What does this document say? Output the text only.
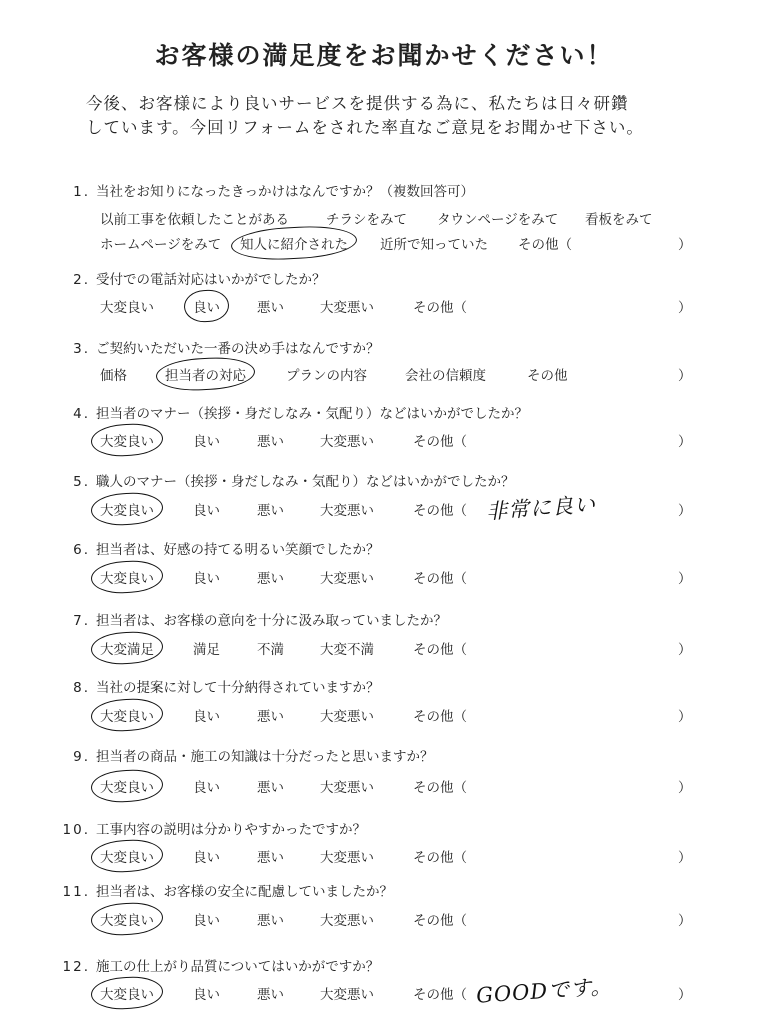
お客様の満足度をお聞かせください！
今後、お客様により良いサービスを提供する為に、私たちは日々研鑽
しています。今回リフォームをされた率直なご意見をお聞かせ下さい。
1. 当社をお知りになったきっかけはなんですか？（複数回答可）
以前工事を依頼したことがある	チラシをみて タウンページをみて 看板をみて
ホームページをみて 知人に紹介された 近所で知っていた その他（	）
2. 受付での電話対応はいかがでしたか？
大変良い	良い	悪い	大変悪い	その他（	）
3. ご契約いただいた一番の決め手はなんですか？
価格	担当者の対応	プランの内容	会社の信頼度	その他	）
4. 担当者のマナー（挨拶・身だしなみ・気配り）などはいかがでしたか？
大変良い	良い	悪い	大変悪い	その他（	）
5. 職人のマナー（挨拶・身だしなみ・気配り）などはいかがでしたか？
大変良い	良い	悪い	大変悪い	その他（ 非常に良い	）
6. 担当者は、好感の持てる明るい笑顔でしたか？
大変良い	良い	悪い	大変悪い	その他（	）
7. 担当者は、お客様の意向を十分に汲み取っていましたか？
大変満足	満足	不満	大変不満	その他（	）
8. 当社の提案に対して十分納得されていますか？
大変良い	良い	悪い	大変悪い	その他（	）
9. 担当者の商品・施工の知識は十分だったと思いますか？
大変良い	良い	悪い	大変悪い	その他（	）
10. 工事内容の説明は分かりやすかったですか？
大変良い	良い	悪い	大変悪い	その他（	）
11. 担当者は、お客様の安全に配慮していましたか？
大変良い	良い	悪い	大変悪い	その他（	）
12. 施工の仕上がり品質についてはいかがですか？
大変良い	良い	悪い	大変悪い	その他（ GOODです。	）
